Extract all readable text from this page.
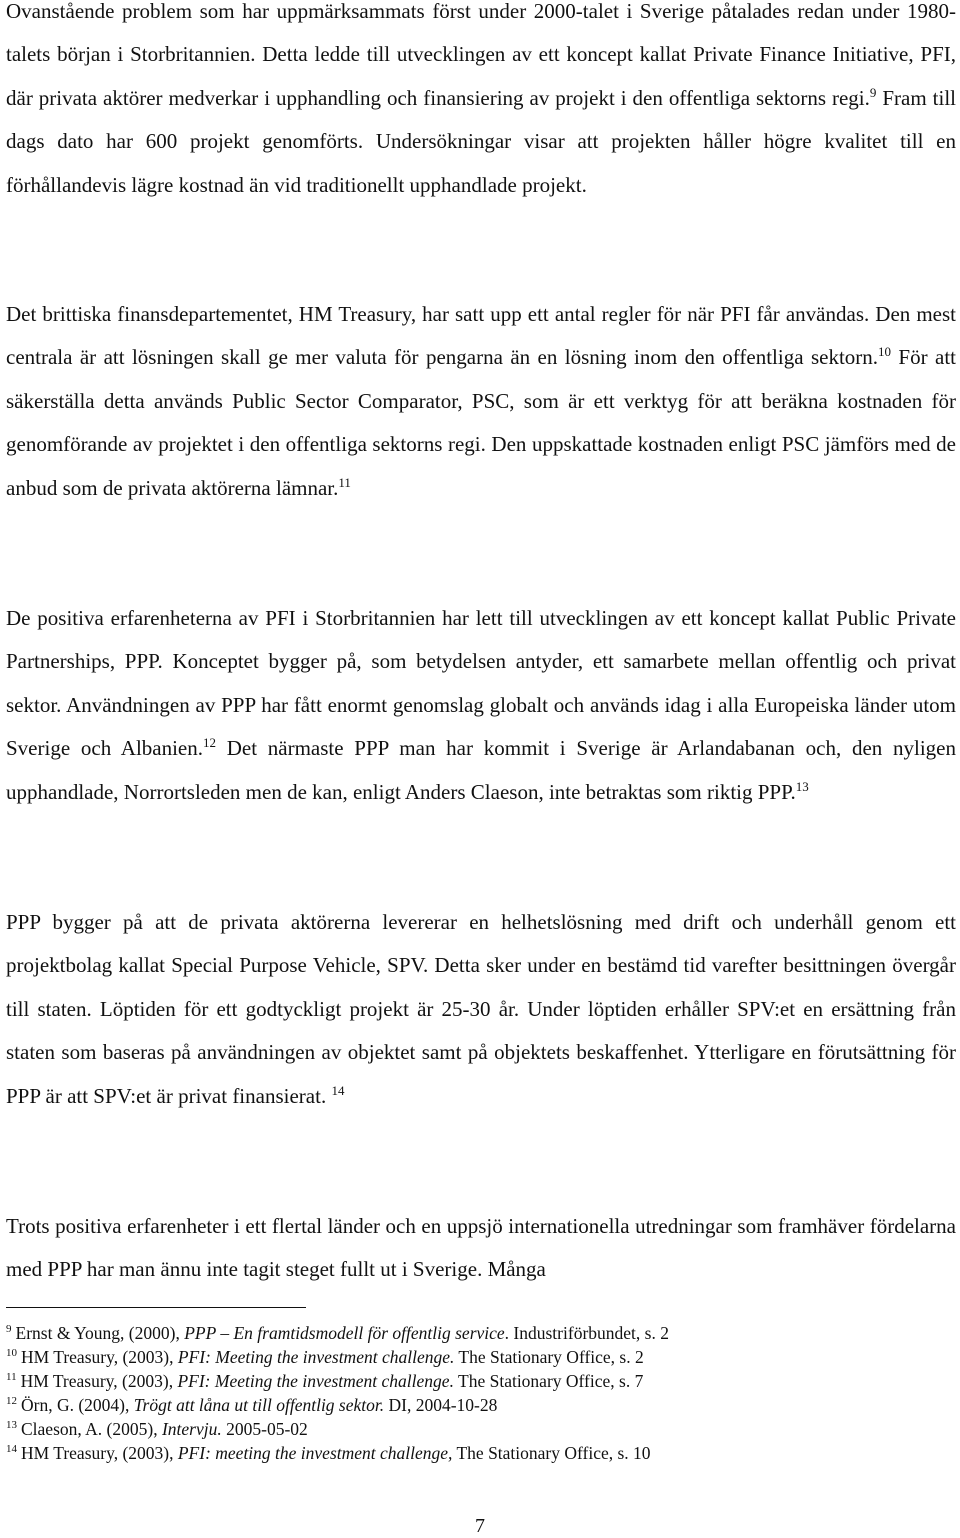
Ovanstående problem som har uppmärksammats först under 2000-talet i Sverige påtalades redan under 1980-talets början i Storbritannien. Detta ledde till utvecklingen av ett koncept kallat Private Finance Initiative, PFI, där privata aktörer medverkar i upphandling och finansiering av projekt i den offentliga sektorns regi.$^9$ Fram till dags dato har 600 projekt genomförts. Undersökningar visar att projekten håller högre kvalitet till en förhållandevis lägre kostnad än vid traditionellt upphandlade projekt.

Det brittiska finansdepartementet, HM Treasury, har satt upp ett antal regler för när PFI får användas. Den mest centrala är att lösningen skall ge mer valuta för pengarna än en lösning inom den offentliga sektorn.$^{10}$ För att säkerställa detta används Public Sector Comparator, PSC, som är ett verktyg för att beräkna kostnaden för genomförande av projektet i den offentliga sektorns regi. Den uppskattade kostnaden enligt PSC jämförs med de anbud som de privata aktörerna lämnar.$^{11}$

De positiva erfarenheterna av PFI i Storbritannien har lett till utvecklingen av ett koncept kallat Public Private Partnerships, PPP. Konceptet bygger på, som betydelsen antyder, ett samarbete mellan offentlig och privat sektor. Användningen av PPP har fått enormt genomslag globalt och används idag i alla Europeiska länder utom Sverige och Albanien.$^{12}$ Det närmaste PPP man har kommit i Sverige är Arlandabanan och, den nyligen upphandlade, Norrortsleden men de kan, enligt Anders Claeson, inte betraktas som riktig PPP.$^{13}$

PPP bygger på att de privata aktörerna levererar en helhetslösning med drift och underhåll genom ett projektbolag kallat Special Purpose Vehicle, SPV. Detta sker under en bestämd tid varefter besittningen övergår till staten. Löptiden för ett godtyckligt projekt är 25-30 år. Under löptiden erhåller SPV:et en ersättning från staten som baseras på användningen av objektet samt på objektets beskaffenhet. Ytterligare en förutsättning för PPP är att SPV:et är privat finansierat. $^{14}$

Trots positiva erfarenheter i ett flertal länder och en uppsjö internationella utredningar som framhäver fördelarna med PPP har man ännu inte tagit steget fullt ut i Sverige. Många

$^9$ Ernst & Young, (2000), PPP – En framtidsmodell för offentlig service. Industriförbundet, s. 2

$^{10}$ HM Treasury, (2003), PFI: Meeting the investment challenge. The Stationary Office, s. 2

$^{11}$ HM Treasury, (2003), PFI: Meeting the investment challenge. The Stationary Office, s. 7

$^{12}$ Örn, G. (2004), Trögt att låna ut till offentlig sektor. DI, 2004-10-28

$^{13}$ Claeson, A. (2005), Intervju. 2005-05-02

$^{14}$ HM Treasury, (2003), PFI: meeting the investment challenge, The Stationary Office, s. 10

7
